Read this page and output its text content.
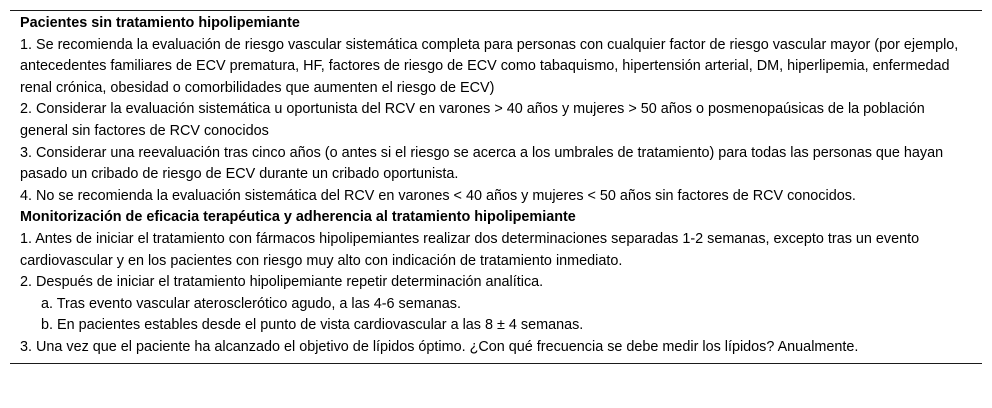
Pacientes sin tratamiento hipolipemiante
1. Se recomienda la evaluación de riesgo vascular sistemática completa para personas con cualquier factor de riesgo vascular mayor (por ejemplo, antecedentes familiares de ECV prematura, HF, factores de riesgo de ECV como tabaquismo, hipertensión arterial, DM, hiperlipemia, enfermedad renal crónica, obesidad o comorbilidades que aumenten el riesgo de ECV)
2. Considerar la evaluación sistemática u oportunista del RCV en varones > 40 años y mujeres > 50 años o posmenopaúsicas de la población general sin factores de RCV conocidos
3. Considerar una reevaluación tras cinco años (o antes si el riesgo se acerca a los umbrales de tratamiento) para todas las personas que hayan pasado un cribado de riesgo de ECV durante un cribado oportunista.
4. No se recomienda la evaluación sistemática del RCV en varones < 40 años y mujeres < 50 años sin factores de RCV conocidos.
Monitorización de eficacia terapéutica y adherencia al tratamiento hipolipemiante
1. Antes de iniciar el tratamiento con fármacos hipolipemiantes realizar dos determinaciones separadas 1-2 semanas, excepto tras un evento cardiovascular y en los pacientes con riesgo muy alto con indicación de tratamiento inmediato.
2. Después de iniciar el tratamiento hipolipemiante repetir determinación analítica.
a. Tras evento vascular aterosclerótico agudo, a las 4-6 semanas.
b. En pacientes estables desde el punto de vista cardiovascular a las 8 ± 4 semanas.
3. Una vez que el paciente ha alcanzado el objetivo de lípidos óptimo. ¿Con qué frecuencia se debe medir los lípidos? Anualmente.
